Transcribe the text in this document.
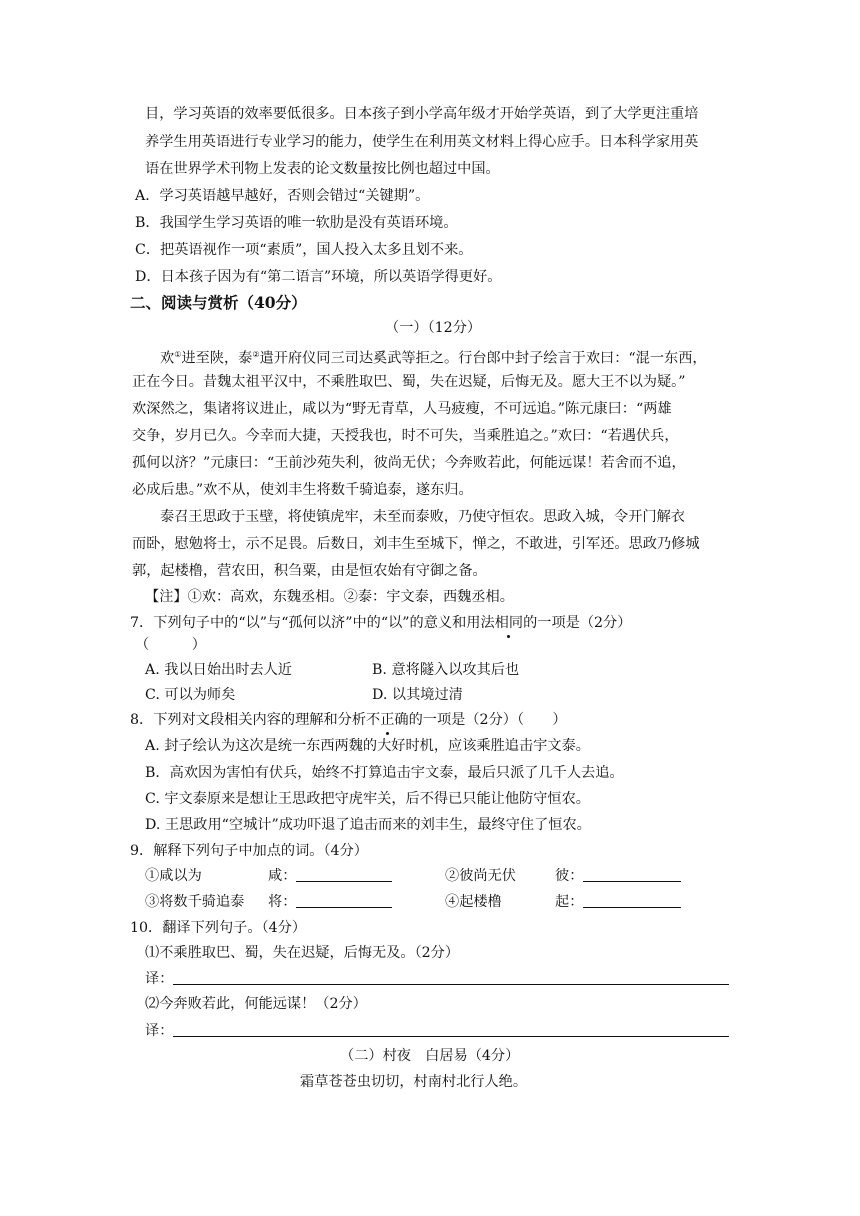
目，学习英语的效率要低很多。日本孩子到小学高年级才开始学英语，到了大学更注重培
养学生用英语进行专业学习的能力，使学生在利用英文材料上得心应手。日本科学家用英
语在世界学术刊物上发表的论文数量按比例也超过中国。
A．学习英语越早越好，否则会错过“关键期”。
B．我国学生学习英语的唯一软肋是没有英语环境。
C．把英语视作一项“素质”，国人投入太多且划不来。
D．日本孩子因为有“第二语言”环境，所以英语学得更好。
二、阅读与赏析（40分）
（一）（12分）
欢①进至陕，泰②遣开府仪同三司达奚武等拒之。行台郎中封子绘言于欢曰：“混一东西，
正在今日。昔魏太祖平汉中，不乘胜取巴、蜀，失在迟疑，后悔无及。愿大王不以为疑。”
欢深然之，集诸将议进止，咸以为“野无青草，人马疲瘦，不可远追。”陈元康曰：“两雄
交争，岁月已久。今幸而大捷，天授我也，时不可失，当乘胜追之。”欢曰：“若遇伏兵，
孤何以济？”元康曰：“王前沙苑失利，彼尚无伏；今奔败若此，何能远谋！若舍而不追，
必成后患。”欢不从，使刘丰生将数千骑追泰，遂东归。
泰召王思政于玉壁，将使镇虎牢，未至而泰败，乃使守恒农。思政入城，令开门解衣
而卧，慰勉将士，示不足畏。后数日，刘丰生至城下，惮之，不敢进，引军还。思政乃修城
郭，起楼橹，营农田，积刍粟，由是恒农始有守御之备。
【注】①欢：高欢，东魏丞相。②泰：宇文泰，西魏丞相。
7．下列句子中的“以”与“孤何以济”中的“以”的意义和用法相同的一项是（2分）
（　　　）
A. 我以日始出时去人近	B. 意将隧入以攻其后也
C. 可以为师矣	D. 以其境过清
8．下列对文段相关内容的理解和分析不正确的一项是（2分）（　　）
A. 封子绘认为这次是统一东西两魏的大好时机，应该乘胜追击宇文泰。
B．高欢因为害怕有伏兵，始终不打算追击宇文泰，最后只派了几千人去追。
C. 宇文泰原来是想让王思政把守虎牢关，后不得已只能让他防守恒农。
D. 王思政用“空城计”成功吓退了追击而来的刘丰生，最终守住了恒农。
9．解释下列句子中加点的词。（4分）
①咸以为	咸：	②彼尚无伏	彼：
③将数千骑追泰 将：	④起楼橹	起：
10．翻译下列句子。（4分）
⑴不乘胜取巴、蜀，失在迟疑，后悔无及。（2分）
译：
⑵今奔败若此，何能远谋！（2分）
译：
（二）村夜　白居易（4分）
霜草苍苍虫切切，村南村北行人绝。
